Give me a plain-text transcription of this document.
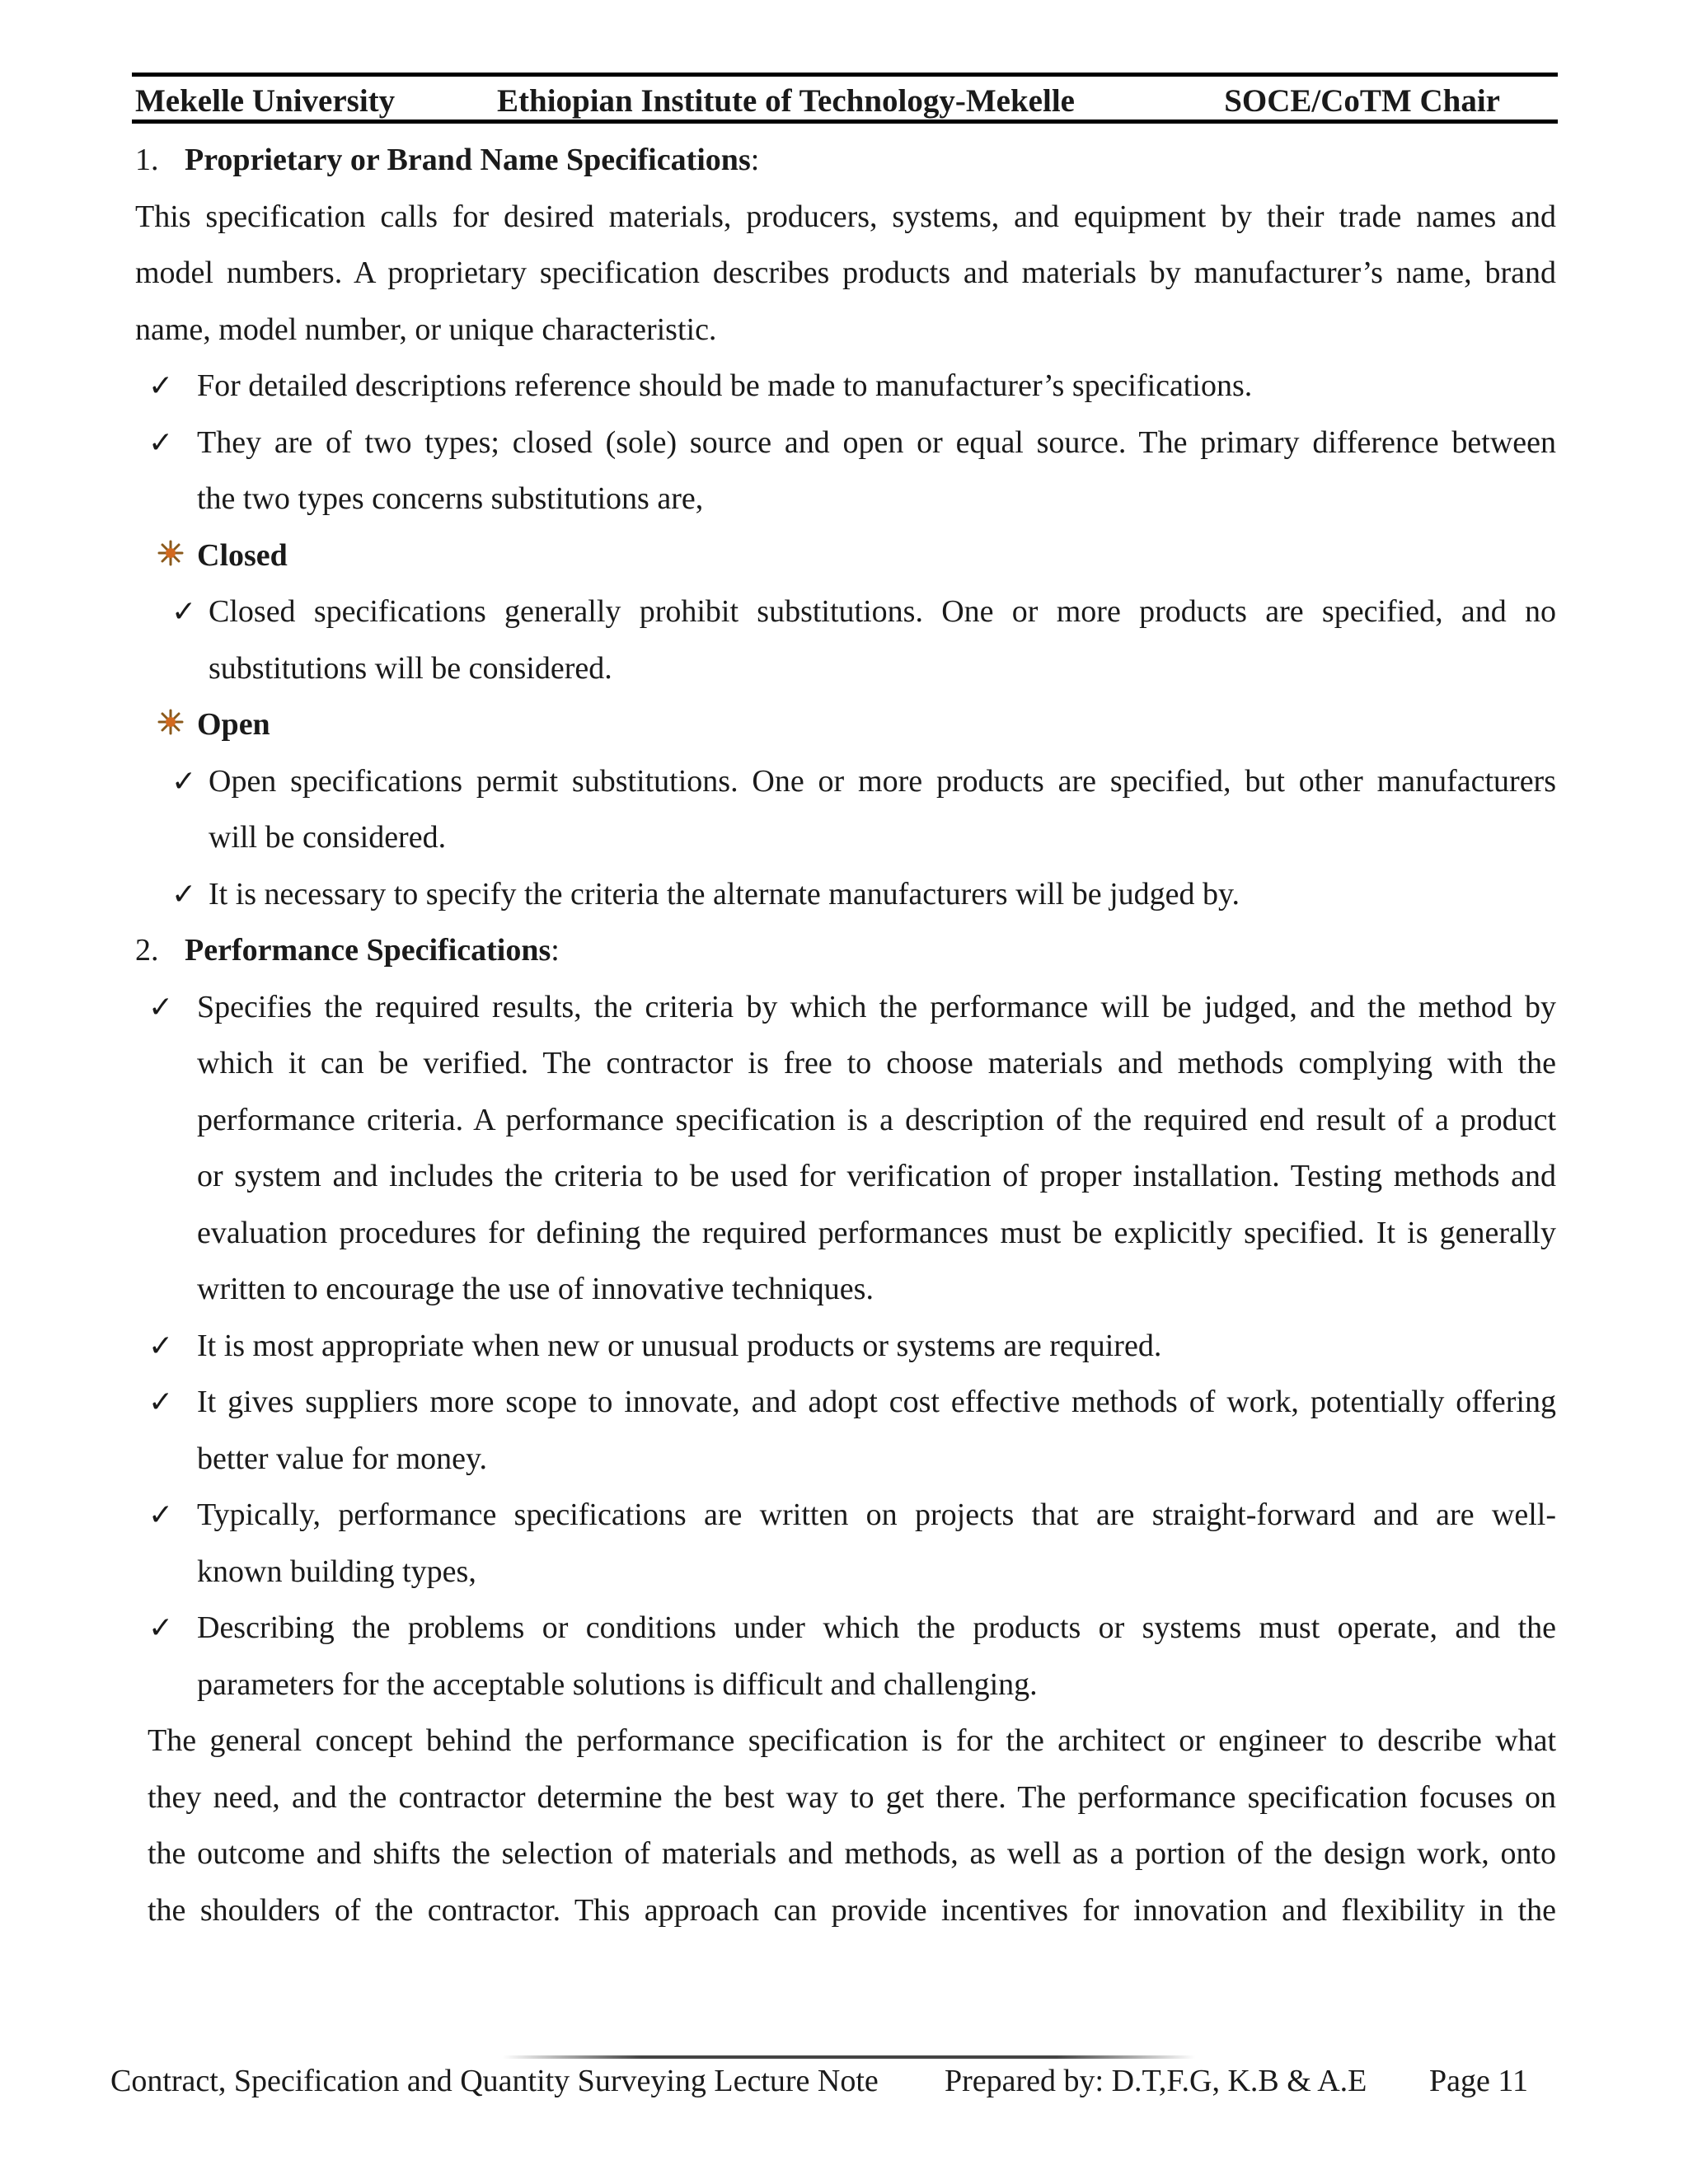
Mekelle University	Ethiopian Institute of Technology-Mekelle	SOCE/CoTM Chair
1. Proprietary or Brand Name Specifications:
This specification calls for desired materials, producers, systems, and equipment by their trade names and
model numbers. A proprietary specification describes products and materials by manufacturer’s name, brand
name, model number, or unique characteristic.
✓ For detailed descriptions reference should be made to manufacturer’s specifications.
✓ They are of two types; closed (sole) source and open or equal source. The primary difference between
the two types concerns substitutions are,
Closed
✓ Closed specifications generally prohibit substitutions. One or more products are specified, and no
substitutions will be considered.
Open
✓ Open specifications permit substitutions. One or more products are specified, but other manufacturers
will be considered.
✓ It is necessary to specify the criteria the alternate manufacturers will be judged by.
2. Performance Specifications:
✓ Specifies the required results, the criteria by which the performance will be judged, and the method by
which it can be verified. The contractor is free to choose materials and methods complying with the
performance criteria. A performance specification is a description of the required end result of a product
or system and includes the criteria to be used for verification of proper installation. Testing methods and
evaluation procedures for defining the required performances must be explicitly specified. It is generally
written to encourage the use of innovative techniques.
✓ It is most appropriate when new or unusual products or systems are required.
✓ It gives suppliers more scope to innovate, and adopt cost effective methods of work, potentially offering
better value for money.
✓ Typically, performance specifications are written on projects that are straight-forward and are well-
known building types,
✓ Describing the problems or conditions under which the products or systems must operate, and the
parameters for the acceptable solutions is difficult and challenging.
The general concept behind the performance specification is for the architect or engineer to describe what
they need, and the contractor determine the best way to get there. The performance specification focuses on
the outcome and shifts the selection of materials and methods, as well as a portion of the design work, onto
the shoulders of the contractor. This approach can provide incentives for innovation and flexibility in the
Contract, Specification and Quantity Surveying Lecture Note Prepared by: D.T,F.G, K.B & A.E Page 11
